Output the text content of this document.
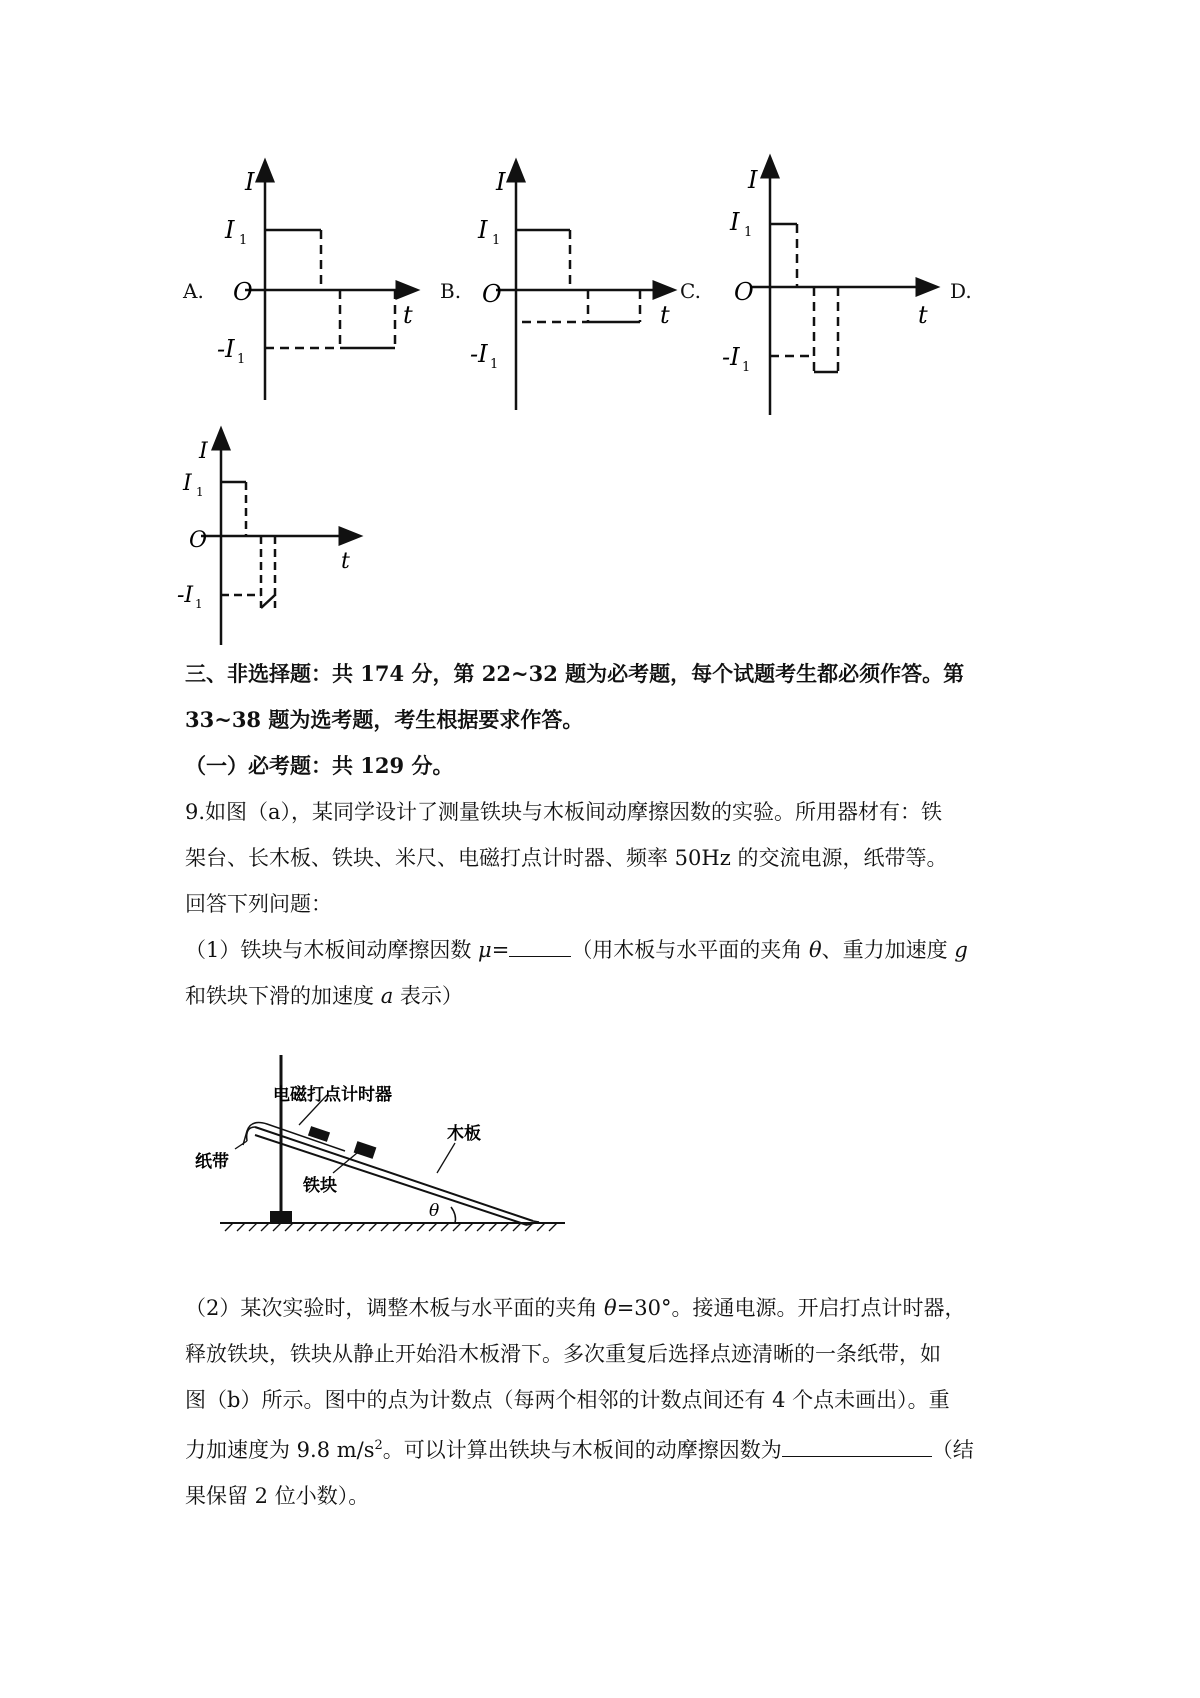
A.	B.	C.	D.
I
I 1
O
-I 1
t
I
I 1
O
-I 1
t
I
I 1
O
-I 1
t
I
I 1
O
-I 1
t

三、非选择题：共 174 分，第 22~32 题为必考题，每个试题考生都必须作答。第

33~38 题为选考题，考生根据要求作答。

（一）必考题：共 129 分。

9.如图（a），某同学设计了测量铁块与木板间动摩擦因数的实验。所用器材有：铁

架台、长木板、铁块、米尺、电磁打点计时器、频率 50Hz 的交流电源，纸带等。

回答下列问题：

（1）铁块与木板间动摩擦因数 μ=	（用木板与水平面的夹角 θ、重力加速度 g

和铁块下滑的加速度 a 表示）

电磁打点计时器
纸带
铁块
木板
θ

（2）某次实验时，调整木板与水平面的夹角 θ=30°。接通电源。开启打点计时器，

释放铁块，铁块从静止开始沿木板滑下。多次重复后选择点迹清晰的一条纸带，如

图（b）所示。图中的点为计数点（每两个相邻的计数点间还有 4 个点未画出）。重

力加速度为 9.8 $m/s^2$。可以计算出铁块与木板间的动摩擦因数为	（结

果保留 2 位小数）。
